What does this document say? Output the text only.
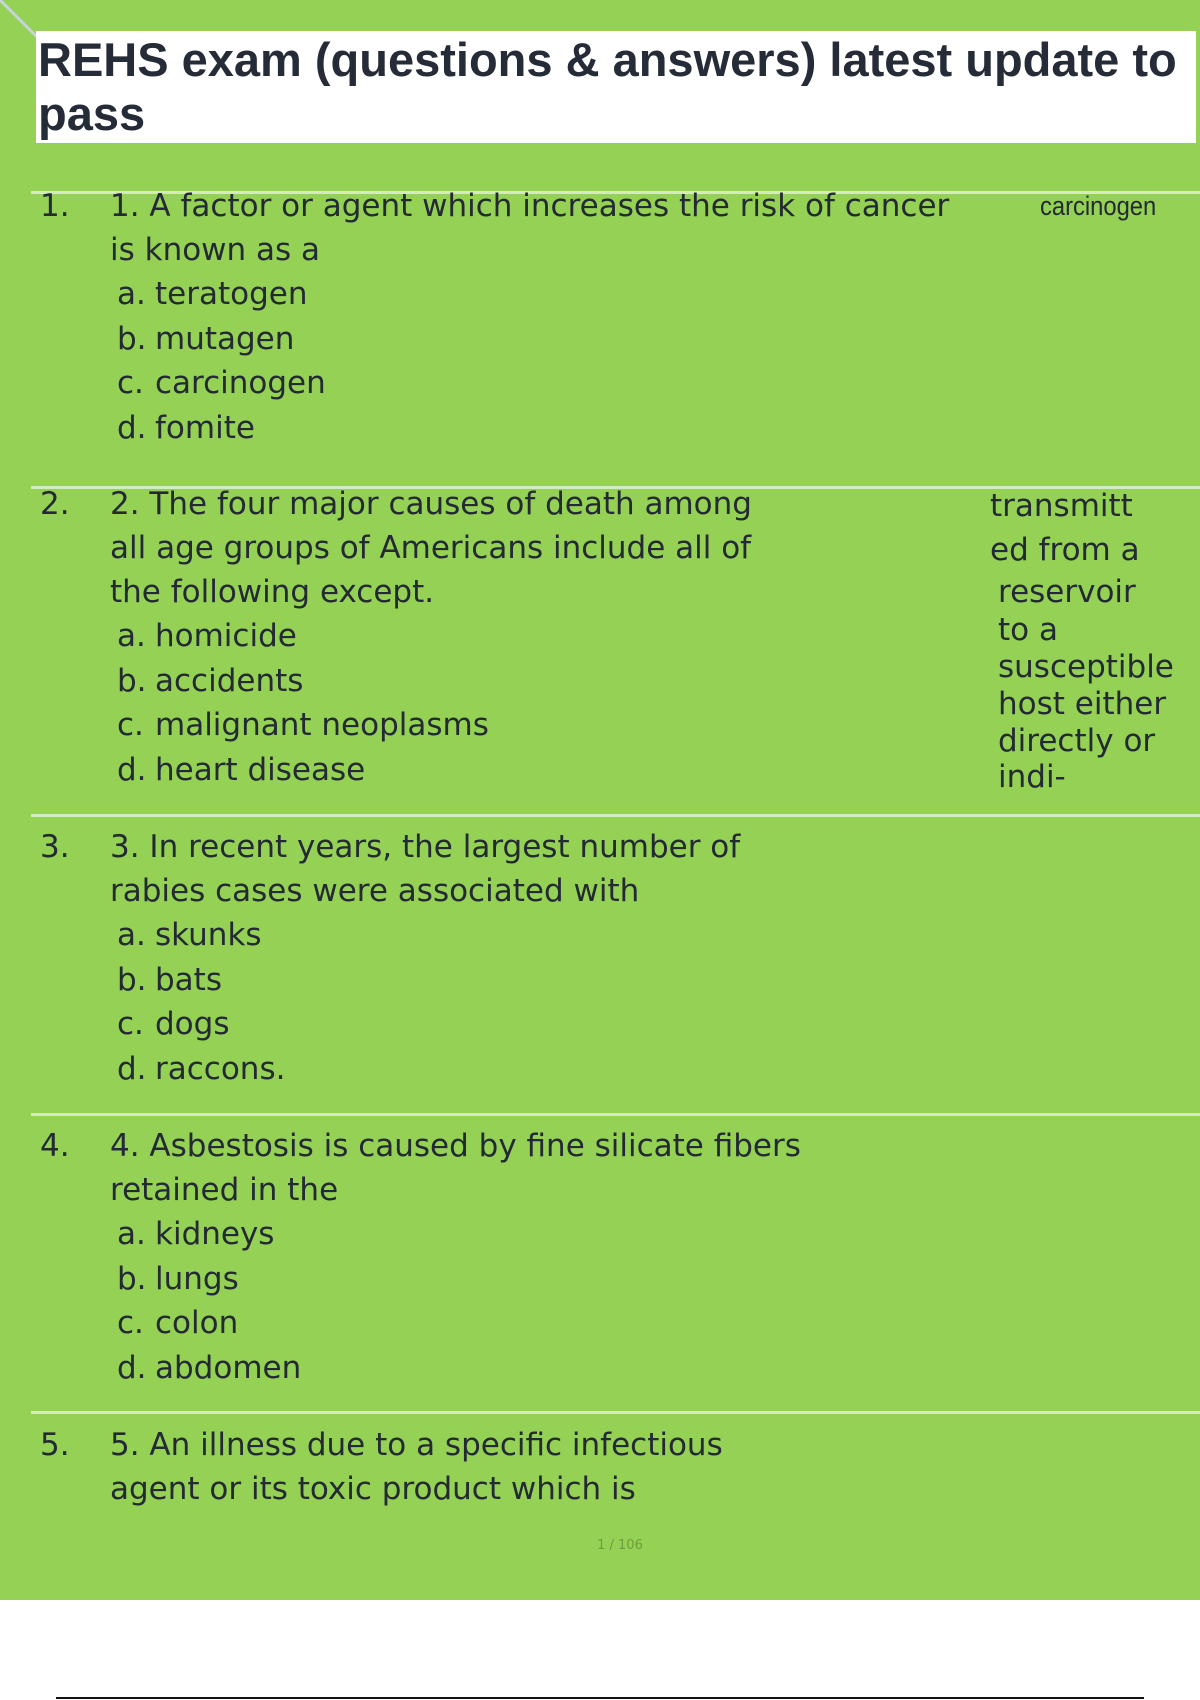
REHS exam (questions & answers) latest update to pass
1. 1. A factor or agent which increases the risk of cancer
is known as a
a. teratogen
b. mutagen
c. carcinogen
d. fomite
carcinogen
2. 2. The four major causes of death among
all age groups of Americans include all of
the following except.
a. homicide
b. accidents
c. malignant neoplasms
d. heart disease
transmitt
ed from a
reservoir
to a
susceptible
host either
directly or
indi-
3. 3. In recent years, the largest number of
rabies cases were associated with
a. skunks
b. bats
c. dogs
d. raccons.
4. 4. Asbestosis is caused by fine silicate fibers
retained in the
a. kidneys
b. lungs
c. colon
d. abdomen
5. 5. An illness due to a specific infectious
agent or its toxic product which is
1 / 106
